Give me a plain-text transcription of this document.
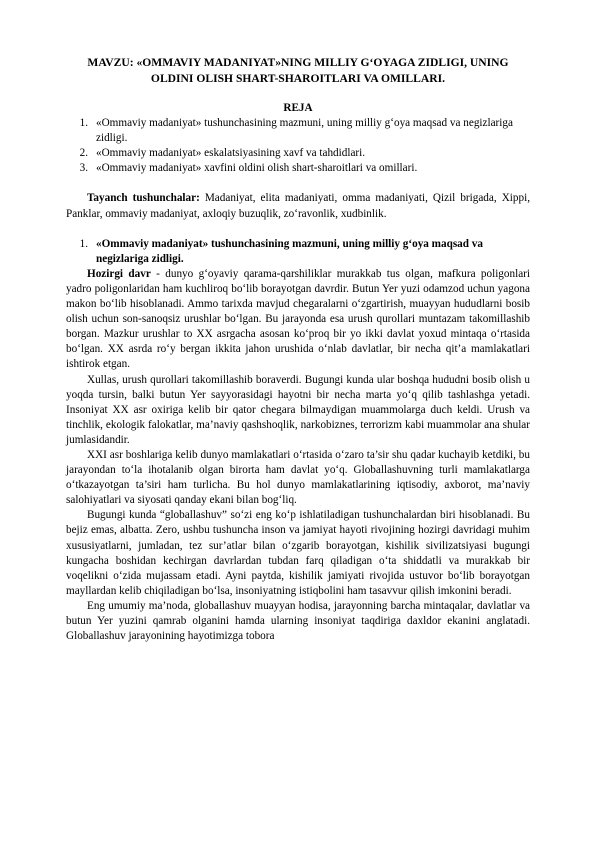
MAVZU: «OMMAVIY MADANIYAT»NING MILLIY G‘OYAGA ZIDLIGI, UNING OLDINI OLISH SHART-SHAROITLARI VA OMILLARI.
REJA
1. «Ommaviy madaniyat» tushunchasining mazmuni, uning milliy g‘oya maqsad va negizlariga zidligi.
2. «Ommaviy madaniyat» eskalatsiyasining xavf va tahdidlari.
3. «Ommaviy madaniyat» xavfini oldini olish shart-sharoitlari va omillari.

Tayanch tushunchalar: Madaniyat, elita madaniyati, omma madaniyati, Qizil brigada, Xippi, Panklar, ommaviy madaniyat, axloqiy buzuqlik, zo‘ravonlik, xudbinlik.

1. «Ommaviy madaniyat» tushunchasining mazmuni, uning milliy g‘oya maqsad va negizlariga zidligi.

Hozirgi davr - dunyo g‘oyaviy qarama-qarshiliklar murakkab tus olgan, mafkura poligonlari yadro poligonlaridan ham kuchliroq bo‘lib borayotgan davrdir. Butun Yer yuzi odamzod uchun yagona makon bo‘lib hisoblanadi. Ammo tarixda mavjud chegaralarni o‘zgartirish, muayyan hududlarni bosib olish uchun son-sanoqsiz urushlar bo‘lgan. Bu jarayonda esa urush qurollari muntazam takomillashib borgan. Mazkur urushlar to XX asrgacha asosan ko‘proq bir yo ikki davlat yoxud mintaqa o‘rtasida bo‘lgan. XX asrda ro‘y bergan ikkita jahon urushida o‘nlab davlatlar, bir necha qit’a mamlakatlari ishtirok etgan.

Xullas, urush qurollari takomillashib boraverdi. Bugungi kunda ular boshqa hududni bosib olish u yoqda tursin, balki butun Yer sayyorasidagi hayotni bir necha marta yo‘q qilib tashlashga yetadi. Insoniyat XX asr oxiriga kelib bir qator chegara bilmaydigan muammolarga duch keldi. Urush va tinchlik, ekologik falokatlar, ma’naviy qashshoqlik, narkobiznes, terrorizm kabi muammolar ana shular jumlasidandir.

XXI asr boshlariga kelib dunyo mamlakatlari o‘rtasida o‘zaro ta’sir shu qadar kuchayib ketdiki, bu jarayondan to‘la ihotalanib olgan birorta ham davlat yo‘q. Globallashuvning turli mamlakatlarga o‘tkazayotgan ta’siri ham turlicha. Bu hol dunyo mamlakatlarining iqtisodiy, axborot, ma’naviy salohiyatlari va siyosati qanday ekani bilan bog‘liq.

Bugungi kunda “globallashuv” so‘zi eng ko‘p ishlatiladigan tushunchalardan biri hisoblanadi. Bu bejiz emas, albatta. Zero, ushbu tushuncha inson va jamiyat hayoti rivojining hozirgi davridagi muhim xususiyatlarni, jumladan, tez sur’atlar bilan o‘zgarib borayotgan, kishilik sivilizatsiyasi bugungi kungacha boshidan kechirgan davrlardan tubdan farq qiladigan o‘ta shiddatli va murakkab bir voqelikni o‘zida mujassam etadi. Ayni paytda, kishilik jamiyati rivojida ustuvor bo‘lib borayotgan mayllardan kelib chiqiladigan bo‘lsa, insoniyatning istiqbolini ham tasavvur qilish imkonini beradi.

Eng umumiy ma’noda, globallashuv muayyan hodisa, jarayonning barcha mintaqalar, davlatlar va butun Yer yuzini qamrab olganini hamda ularning insoniyat taqdiriga daxldor ekanini anglatadi. Globallashuv jarayonining hayotimizga tobora
